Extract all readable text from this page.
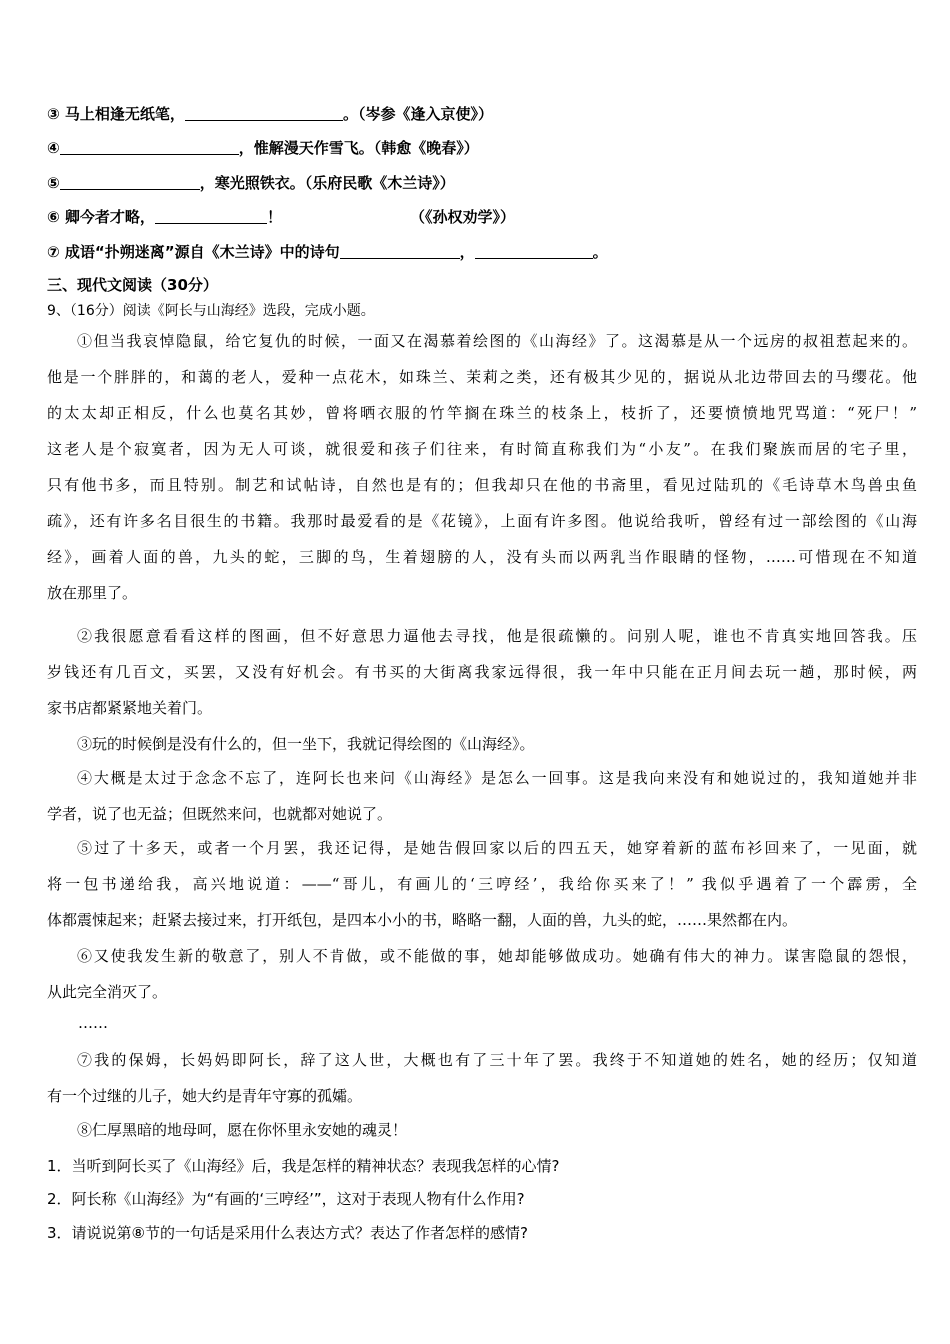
③ 马上相逢无纸笔，	。（岑参《逢入京使》）
④	，惟解漫天作雪飞。（韩愈《晚春》）
⑤	，寒光照铁衣。（乐府民歌《木兰诗》）
⑥ 卿今者才略，	！	（《孙权劝学》）
⑦ 成语“扑朔迷离”源自《木兰诗》中的诗句	，	。
三、现代文阅读（30分）
9、（16分）阅读《阿长与山海经》选段，完成小题。
①但当我哀悼隐鼠，给它复仇的时候，一面又在渴慕着绘图的《山海经》了。这渴慕是从一个远房的叔祖惹起来的。
他是一个胖胖的，和蔼的老人，爱种一点花木，如珠兰、茉莉之类，还有极其少见的，据说从北边带回去的马缨花。他
的太太却正相反，什么也莫名其妙，曾将晒衣服的竹竿搁在珠兰的枝条上，枝折了，还要愤愤地咒骂道：“死尸！”
这老人是个寂寞者，因为无人可谈，就很爱和孩子们往来，有时简直称我们为“小友”。在我们聚族而居的宅子里，
只有他书多，而且特别。制艺和试帖诗，自然也是有的；但我却只在他的书斋里，看见过陆玑的《毛诗草木鸟兽虫鱼
疏》，还有许多名目很生的书籍。我那时最爱看的是《花镜》，上面有许多图。他说给我听，曾经有过一部绘图的《山海
经》，画着人面的兽，九头的蛇，三脚的鸟，生着翅膀的人，没有头而以两乳当作眼睛的怪物，……可惜现在不知道
放在那里了。
②我很愿意看看这样的图画，但不好意思力逼他去寻找，他是很疏懒的。问别人呢，谁也不肯真实地回答我。压
岁钱还有几百文，买罢，又没有好机会。有书买的大街离我家远得很，我一年中只能在正月间去玩一趟，那时候，两
家书店都紧紧地关着门。
③玩的时候倒是没有什么的，但一坐下，我就记得绘图的《山海经》。
④大概是太过于念念不忘了，连阿长也来问《山海经》是怎么一回事。这是我向来没有和她说过的，我知道她并非
学者，说了也无益；但既然来问，也就都对她说了。
⑤过了十多天，或者一个月罢，我还记得，是她告假回家以后的四五天，她穿着新的蓝布衫回来了，一见面，就
将一包书递给我，高兴地说道：——“哥儿，有画儿的‘三哼经’，我给你买来了！” 我似乎遇着了一个霹雳，全
体都震悚起来；赶紧去接过来，打开纸包，是四本小小的书，略略一翻，人面的兽，九头的蛇，……果然都在内。
⑥又使我发生新的敬意了，别人不肯做，或不能做的事，她却能够做成功。她确有伟大的神力。谋害隐鼠的怨恨，
从此完全消灭了。
……
⑦我的保姆，长妈妈即阿长，辞了这人世，大概也有了三十年了罢。我终于不知道她的姓名，她的经历；仅知道
有一个过继的儿子，她大约是青年守寡的孤孀。
⑧仁厚黑暗的地母呵，愿在你怀里永安她的魂灵！
1．当听到阿长买了《山海经》后，我是怎样的精神状态？表现我怎样的心情?
2．阿长称《山海经》为“有画的‘三哼经’”，这对于表现人物有什么作用?
3．请说说第⑧节的一句话是采用什么表达方式？表达了作者怎样的感情?
